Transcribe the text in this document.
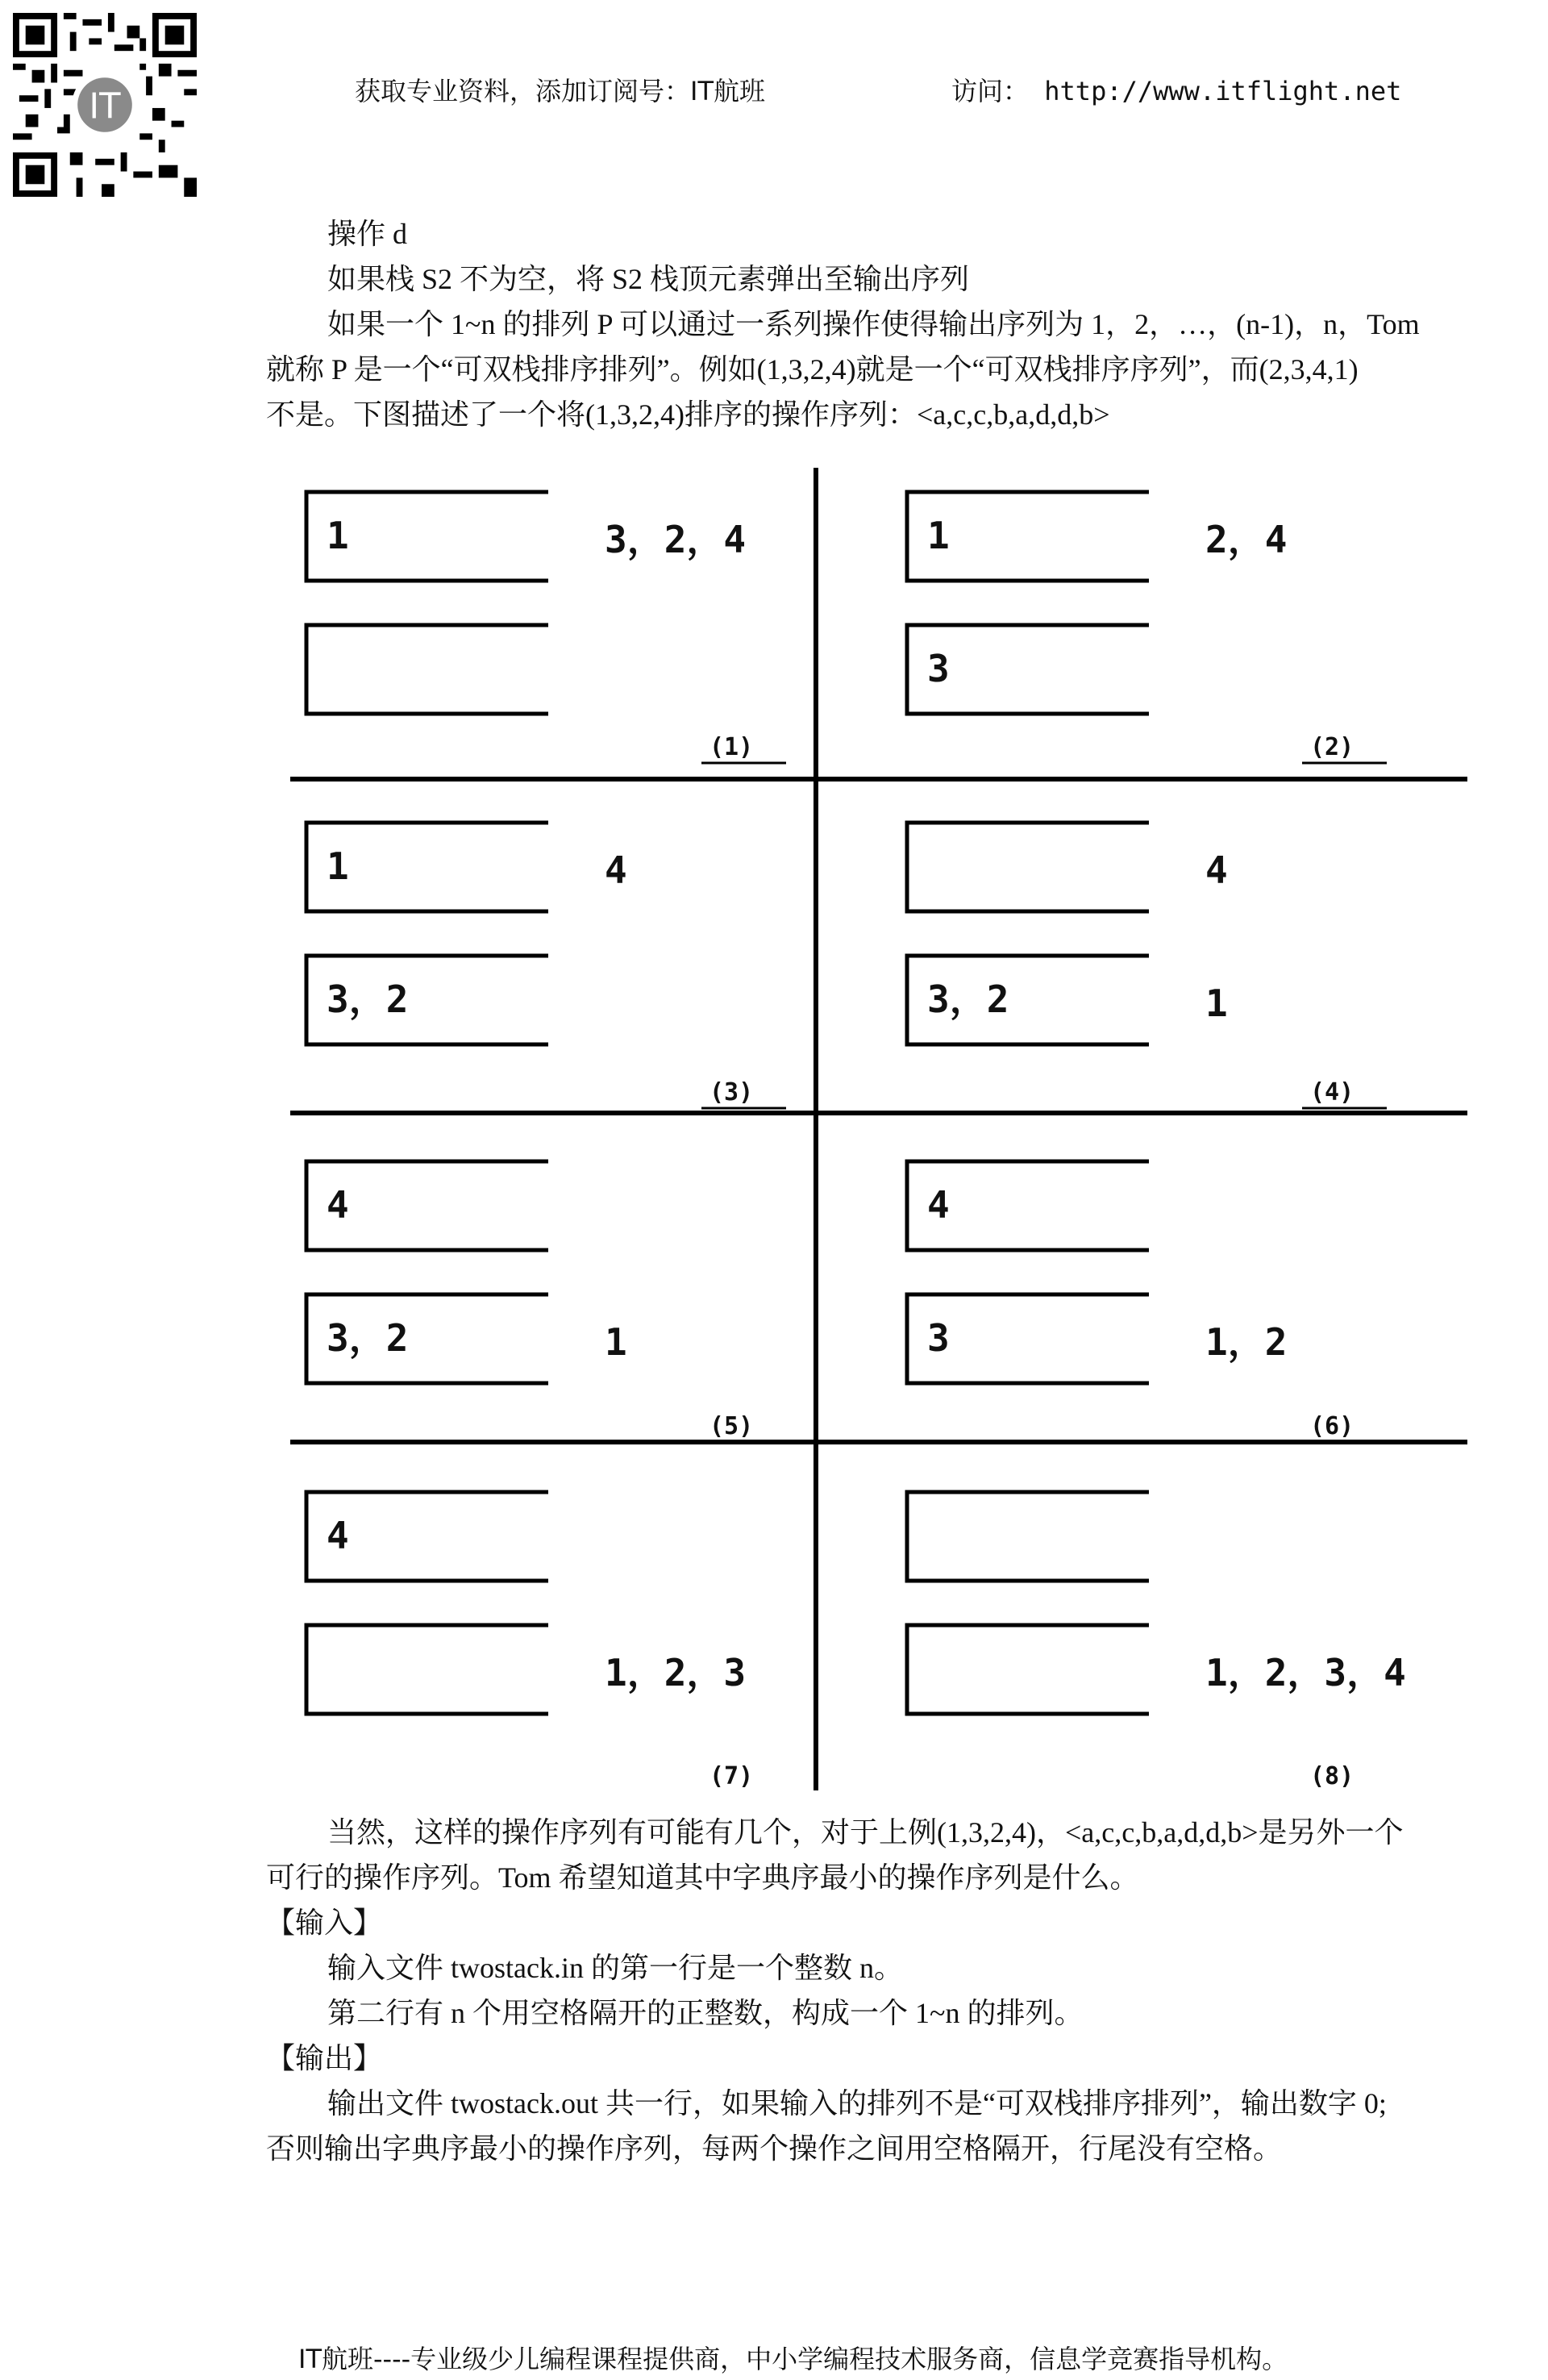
IT	获取专业资料，添加订阅号：IT航班	访问： http://www.itflight.net
操作 d
如果栈 S2 不为空，将 S2 栈顶元素弹出至输出序列
如果一个 1~n 的排列 P 可以通过一系列操作使得输出序列为 1，2，…，(n-1)，n，Tom
就称 P 是一个“可双栈排序排列”。例如(1,3,2,4)就是一个“可双栈排序序列”，而(2,3,4,1)
不是。下图描述了一个将(1,3,2,4)排序的操作序列：<a,c,c,b,a,d,d,b>
1	3，2，4
(1)
1
3
2，4
(2)
1
3，2
4
(3)
3，2
4
1
(4)
4
3，2	1
(5)
4
3	1，2
(6)
4
1，2，3
(7)
1，2，3，4
(8)
当然，这样的操作序列有可能有几个，对于上例(1,3,2,4)，<a,c,c,b,a,d,d,b>是另外一个
可行的操作序列。Tom 希望知道其中字典序最小的操作序列是什么。
【输入】
输入文件 twostack.in 的第一行是一个整数 n。
第二行有 n 个用空格隔开的正整数，构成一个 1~n 的排列。
【输出】
输出文件 twostack.out 共一行，如果输入的排列不是“可双栈排序排列”，输出数字 0;
否则输出字典序最小的操作序列，每两个操作之间用空格隔开，行尾没有空格。
IT航班----专业级少儿编程课程提供商，中小学编程技术服务商，信息学竞赛指导机构。
